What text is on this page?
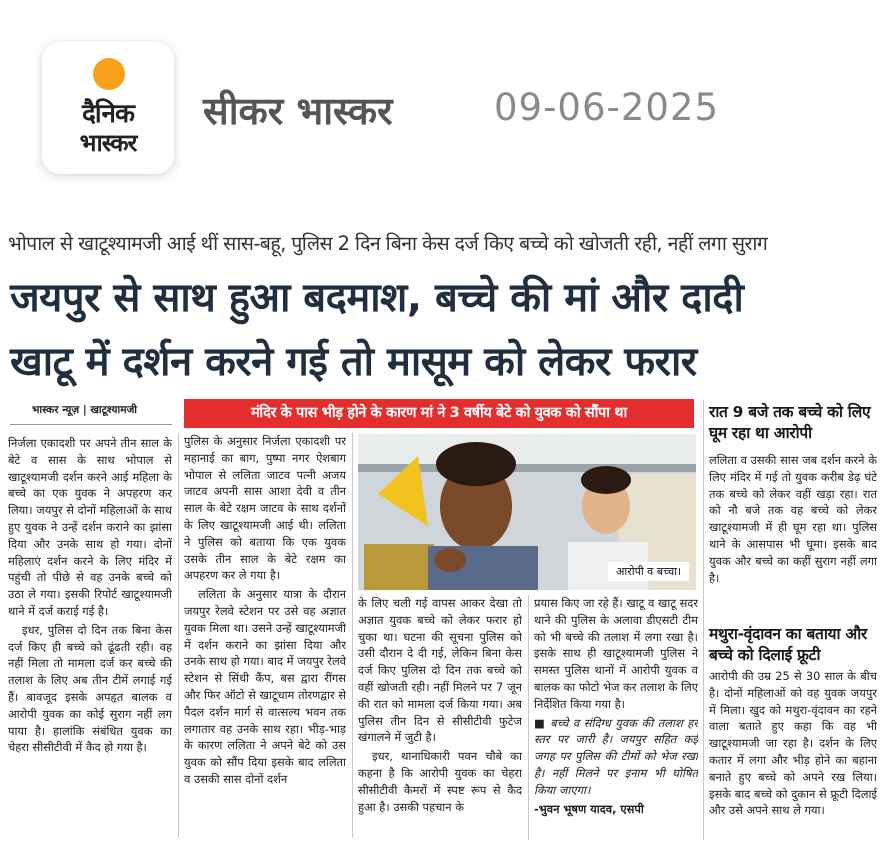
दैनिक
भास्कर
सीकर भास्कर	09-06-2025
भोपाल से खाटूश्यामजी आई थीं सास-बहू, पुलिस 2 दिन बिना केस दर्ज किए बच्चे को खोजती रही, नहीं लगा सुराग
जयपुर से साथ हुआ बदमाश, बच्चे की मां और दादी
खाटू में दर्शन करने गई तो मासूम को लेकर फरार
भास्कर न्यूज़ | खाटूश्यामजी	मंदिर के पास भीड़ होने के कारण मां ने 3 वर्षीय बेटे को युवक को सौंपा था

निर्जला एकादशी पर अपने तीन साल के बेटे व सास के साथ भोपाल से खाटूश्यामजी दर्शन करने आई महिला के बच्चे का एक युवक ने अपहरण कर लिया। जयपुर से दोनों महिलाओं के साथ हुए युवक ने उन्हें दर्शन कराने का झांसा दिया और उनके साथ हो गया। दोनों महिलाएं दर्शन करने के लिए मंदिर में पहुंची तो पीछे से वह उनके बच्चे को उठा ले गया। इसकी रिपोर्ट खाटूश्यामजी थाने में दर्ज कराई गई है।

इधर, पुलिस दो दिन तक बिना केस दर्ज किए ही बच्चे को ढूंढती रही। वह नहीं मिला तो मामला दर्ज कर बच्चे की तलाश के लिए अब तीन टीमें लगाई गई हैं। बावजूद इसके अपहृत बालक व आरोपी युवक का कोई सुराग नहीं लग पाया है। हालांकि संबंधित युवक का चेहरा सीसीटीवी में कैद हो गया है।

पुलिस के अनुसार निर्जला एकादशी पर महानाई का बाग, पुष्पा नगर ऐशबाग भोपाल से ललिता जाटव पत्नी अजय जाटव अपनी सास आशा देवी व तीन साल के बेटे रक्षम जाटव के साथ दर्शनों के लिए खाटूश्यामजी आई थी। ललिता ने पुलिस को बताया कि एक युवक उसके तीन साल के बेटे रक्षम का अपहरण कर ले गया है।

ललिता के अनुसार यात्रा के दौरान जयपुर रेलवे स्टेशन पर उसे वह अज्ञात युवक मिला था। उसने उन्हें खाटूश्यामजी में दर्शन कराने का झांसा दिया और उनके साथ हो गया। बाद में जयपुर रेलवे स्टेशन से सिंधी कैंप, बस द्वारा रींगस और फिर ऑटो से खाटूधाम तोरणद्वार से पैदल दर्शन मार्ग से वात्सल्य भवन तक लगातार वह उनके साथ रहा। भीड़-भाड़ के कारण ललिता ने अपने बेटे को उस युवक को सौंप दिया इसके बाद ललिता व उसकी सास दोनों दर्शन

आरोपी व बच्चा।

के लिए चली गई वापस आकर देखा तो अज्ञात युवक बच्चे को लेकर फरार हो चुका था। घटना की सूचना पुलिस को उसी दौरान दे दी गई, लेकिन बिना केस दर्ज किए पुलिस दो दिन तक बच्चे को वहीं खोजती रही। नहीं मिलने पर 7 जून की रात को मामला दर्ज किया गया। अब पुलिस तीन दिन से सीसीटीवी फुटेज खंगालने में जुटी है।

इधर, थानाधिकारी पवन चौबे का कहना है कि आरोपी युवक का चेहरा सीसीटीवी कैमरों में स्पष्ट रूप से कैद हुआ है। उसकी पहचान के

प्रयास किए जा रहे हैं। खाटू व खाटू सदर थाने की पुलिस के अलावा डीएसटी टीम को भी बच्चे की तलाश में लगा रखा है। इसके साथ ही खाटूश्यामजी पुलिस ने समस्त पुलिस थानों में आरोपी युवक व बालक का फोटो भेज कर तलाश के लिए निर्देशित किया गया है।

■ बच्चे व संदिग्ध युवक की तलाश हर स्तर पर जारी है। जयपुर सहित कई जगह पर पुलिस की टीमों को भेज रखा है। नहीं मिलने पर इनाम भी घोषित किया जाएगा।

-भुवन भूषण यादव, एसपी

रात 9 बजे तक बच्चे को लिए घूम रहा था आरोपी

ललिता व उसकी सास जब दर्शन करने के लिए मंदिर में गई तो युवक करीब डेढ़ घंटे तक बच्चे को लेकर वहीं खड़ा रहा। रात को नौ बजे तक वह बच्चे को लेकर खाटूश्यामजी में ही घूम रहा था। पुलिस थाने के आसपास भी घूमा। इसके बाद युवक और बच्चे का कहीं सुराग नहीं लगा है।

मथुरा-वृंदावन का बताया और बच्चे को दिलाई फ्रूटी

आरोपी की उम्र 25 से 30 साल के बीच है। दोनों महिलाओं को वह युवक जयपुर में मिला। खुद को मथुरा-वृंदावन का रहने वाला बताते हुए कहा कि वह भी खाटूश्यामजी जा रहा है। दर्शन के लिए कतार में लगा और भीड़ होने का बहाना बनाते हुए बच्चे को अपने रख लिया। इसके बाद बच्चे को दुकान से फ्रूटी दिलाई और उसे अपने साथ ले गया।
